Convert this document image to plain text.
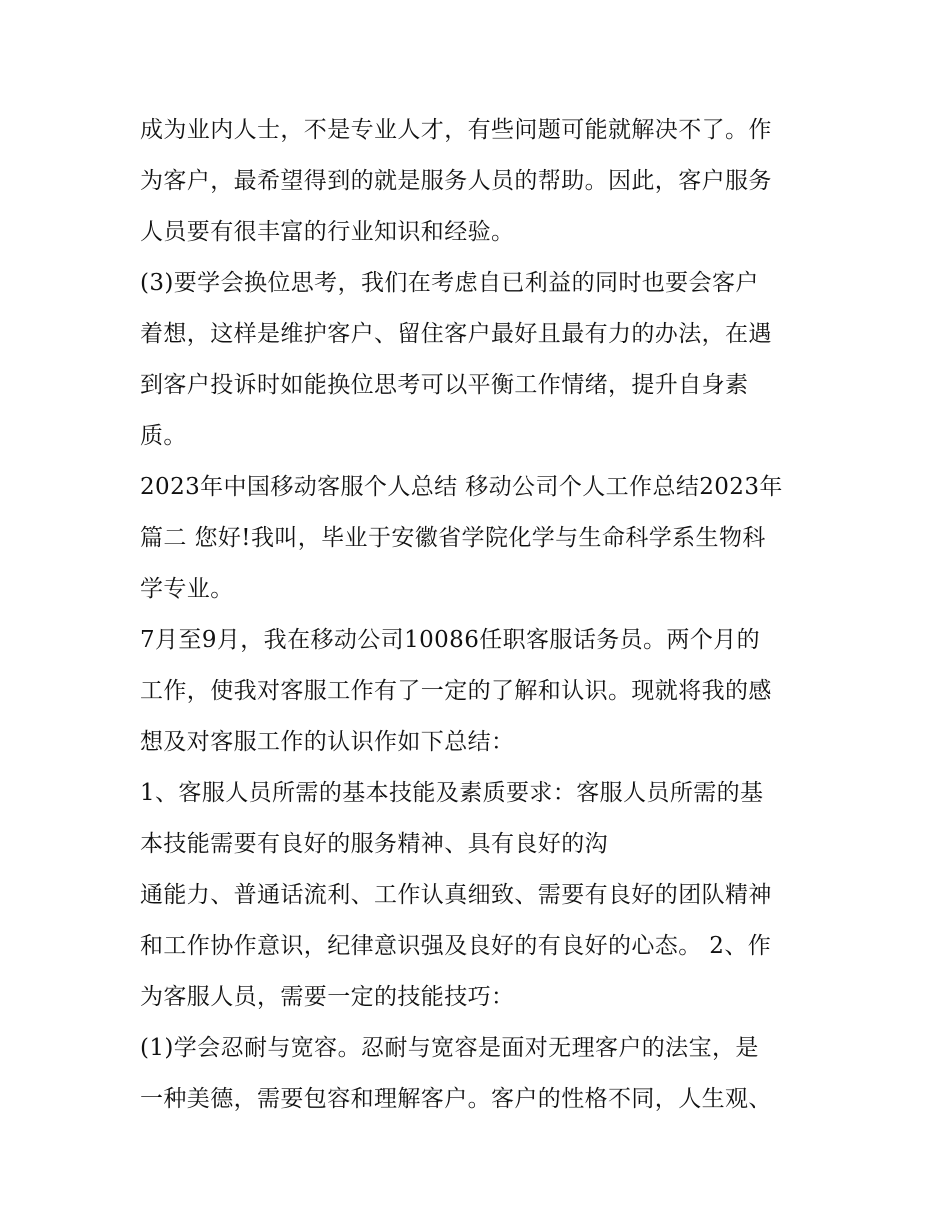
成为业内人士，不是专业人才，有些问题可能就解决不了。作
为客户，最希望得到的就是服务人员的帮助。因此，客户服务
人员要有很丰富的行业知识和经验。
(3)要学会换位思考，我们在考虑自已利益的同时也要会客户
着想，这样是维护客户、留住客户最好且最有力的办法，在遇
到客户投诉时如能换位思考可以平衡工作情绪，提升自身素
质。
2023年中国移动客服个人总结 移动公司个人工作总结2023年
篇二 您好!我叫，毕业于安徽省学院化学与生命科学系生物科
学专业。
7月至9月，我在移动公司10086任职客服话务员。两个月的
工作，使我对客服工作有了一定的了解和认识。现就将我的感
想及对客服工作的认识作如下总结：
1、客服人员所需的基本技能及素质要求：客服人员所需的基
本技能需要有良好的服务精神、具有良好的沟
通能力、普通话流利、工作认真细致、需要有良好的团队精神
和工作协作意识，纪律意识强及良好的有良好的心态。 2、作
为客服人员，需要一定的技能技巧：
(1)学会忍耐与宽容。忍耐与宽容是面对无理客户的法宝，是
一种美德，需要包容和理解客户。客户的性格不同，人生观、
